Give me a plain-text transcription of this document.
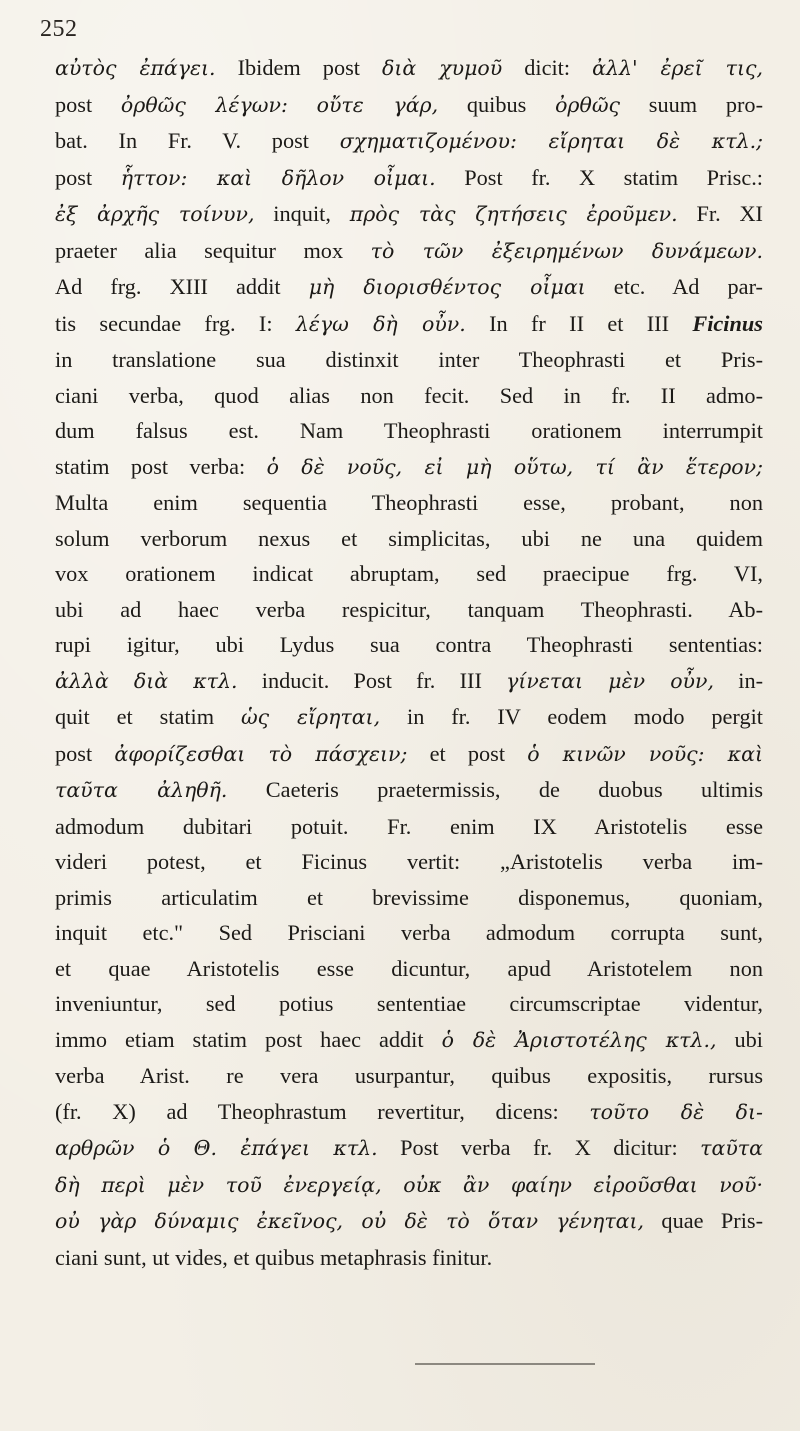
252
αὐτὸς ἐπάγει. Ibidem post διὰ χυμοῦ dicit: ἀλλ' ἐρεῖ τις,
post ὀρθῶς λέγων: οὔτε γάρ, quibus ὀρθῶς suum pro-
bat. In Fr. V. post σχηματιζομένου: εἴρηται δὲ κτλ.;
post ἧττον: καὶ δῆλον οἶμαι. Post fr. X statim Prisc.:
ἐξ ἀρχῆς τοίνυν, inquit, πρὸς τὰς ζητήσεις ἐροῦμεν. Fr. XI
praeter alia sequitur mox τὸ τῶν ἐξειρημένων δυνάμεων.
Ad frg. XIII addit μὴ διορισθέντος οἶμαι etc. Ad par-
tis secundae frg. I: λέγω δὴ οὖν. In fr II et III Ficinus
in translatione sua distinxit inter Theophrasti et Pris-
ciani verba, quod alias non fecit. Sed in fr. II admo-
dum falsus est. Nam Theophrasti orationem interrumpit
statim post verba: ὁ δὲ νοῦς, εἰ μὴ οὕτω, τί ἂν ἕτερον;
Multa enim sequentia Theophrasti esse, probant, non
solum verborum nexus et simplicitas, ubi ne una quidem
vox orationem indicat abruptam, sed praecipue frg. VI,
ubi ad haec verba respicitur, tanquam Theophrasti. Ab-
rupi igitur, ubi Lydus sua contra Theophrasti sententias:
ἀλλὰ διὰ κτλ. inducit. Post fr. III γίνεται μὲν οὖν, in-
quit et statim ὡς εἴρηται, in fr. IV eodem modo pergit
post ἀφορίζεσθαι τὸ πάσχειν; et post ὁ κινῶν νοῦς: καὶ
ταῦτα ἀληθῆ. Caeteris praetermissis, de duobus ultimis
admodum dubitari potuit. Fr. enim IX Aristotelis esse
videri potest, et Ficinus vertit: „Aristotelis verba im-
primis articulatim et brevissime disponemus, quoniam,
inquit etc." Sed Prisciani verba admodum corrupta sunt,
et quae Aristotelis esse dicuntur, apud Aristotelem non
inveniuntur, sed potius sententiae circumscriptae videntur,
immo etiam statim post haec addit ὁ δὲ Ἀριστοτέλης κτλ., ubi
verba Arist. re vera usurpantur, quibus expositis, rursus
(fr. X) ad Theophrastum revertitur, dicens: τοῦτο δὲ δι-
αρθρῶν ὁ Θ. ἐπάγει κτλ. Post verba fr. X dicitur: ταῦτα
δὴ περὶ μὲν τοῦ ἐνεργείᾳ, οὐκ ἂν φαίην εἰροῦσθαι νοῦ·
οὐ γὰρ δύναμις ἐκεῖνος, οὐ δὲ τὸ ὅταν γένηται, quae Pris-
ciani sunt, ut vides, et quibus metaphrasis finitur.
